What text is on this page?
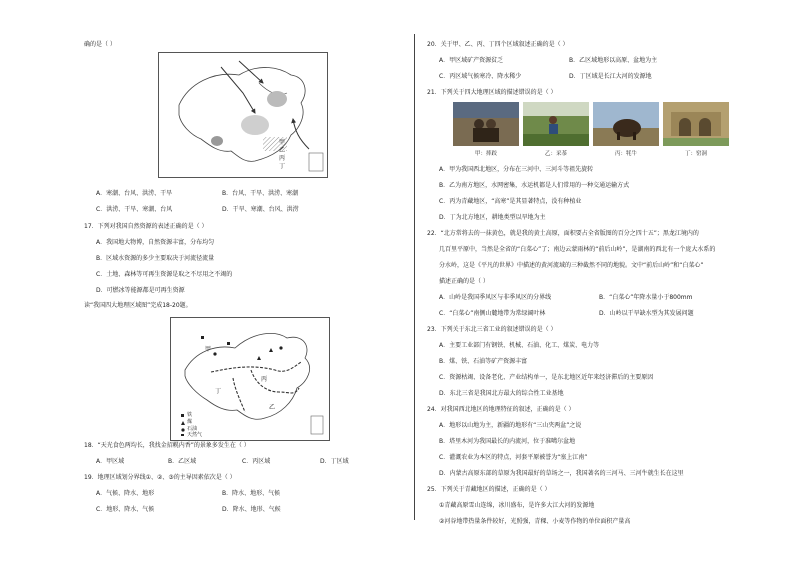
确的是（ ）
甲
乙
丙
丁
A．寒潮、台风、洪涝、干旱	B．台风、干旱、洪涝、寒潮
C．洪涝、干旱、寒潮、台风	D．干旱、寒潮、台风、洪涝
17．下列对我国自然资源的表述正确的是（ ）
A．我国地大物博，自然资源丰富，分布均匀
B．区域水资源的多少主要取决于河流径流量
C．土地、森林等可再生资源是取之不尽用之不竭的
D．可燃冰等能源都是可再生资源
读“我国四大地理区域图”完成18-20题。
甲
乙
丙
丁
铁
煤
石油
天然气
18．“天光食色两均长，我找金招幌内香”的景象多发生在（ ）
A．甲区域	B．乙区域	C．丙区域	D．丁区域
19．地理区域划分界线①、②、③的主导因素依次是（ ）
A．气候、降水、地形	B．降水、地形、气候
C．地形、降水、气候	D．降水、地形、气候
20．关于甲、乙、丙、丁四个区域叙述正确的是（ ）
A．甲区域矿产资源贫乏	B．乙区域地形以高原、盆地为主
C．丙区域气候寒冷、降水稀少	D．丁区域是长江大河的发源地
21．下列关于四大地理区域的描述错误的是（ ）
甲：摔跤	乙：采茶	丙：牦牛	丁：窑洞
A．甲为我国西北地区，分布在三河中、三河斗等祖先旋转
B．乙为南方地区，水网密集，水运机都是人们常用的一种交通运输方式
C．丙为青藏地区，“高寒”是其显著特点，没有种植业
D．丁为北方地区，耕地类型以旱地为主
22．“北方常将去的一抹黄色，就是我的黄土高原，面积要占全省版图的百分之四十五”；黑龙江境内的
几百里平原中，当然是全省的“白菜心”了；南边云蒙雨林的“前后山岭”，是湖南的西北有一个庞大水系的
分水岭，这是《平凡的世界》中描述的黄河流域的三种截然不同的地貌。文中“前后山岭”和“白菜心”
描述正确的是（ ）
A．山岭是我国季风区与非季风区的分界线	B．“白菜心”年降水量小于800mm
C．“白菜心”南侧山麓地带为常绿阔叶林	D．山岭以干旱缺水型为其发展问题
23．下列关于东北三省工业的叙述错误的是（ ）
A．主要工业部门有钢铁、机械、石油、化工、煤炭、电力等
B．煤、铁、石油等矿产资源丰富
C．资源枯竭、设备老化、产业结构单一，是东北地区近年来经济滞后的主要原因
D．东北三省是我国北方最大的综合性工业基地
24．对我国西北地区的地理特征的叙述，正确的是（ ）
A．地形以山地为主，新疆的地形有“三山夹两盆”之说
B．塔里木河为我国最长的内流河，位于准噶尔盆地
C．灌溉农业为本区的特点，河套平原被誉为“塞上江南”
D．内蒙古高原东部的草原为我国最好的草场之一，我国著名的三河马、三河牛就生长在这里
25．下列关于青藏地区的描述，正确的是（ ）
①青藏高原雪山连绵，冰川盛布，是许多大江大河的发源地
②河谷地带热量条件较好，光照强，青稞、小麦等作物的单位面积产量高
